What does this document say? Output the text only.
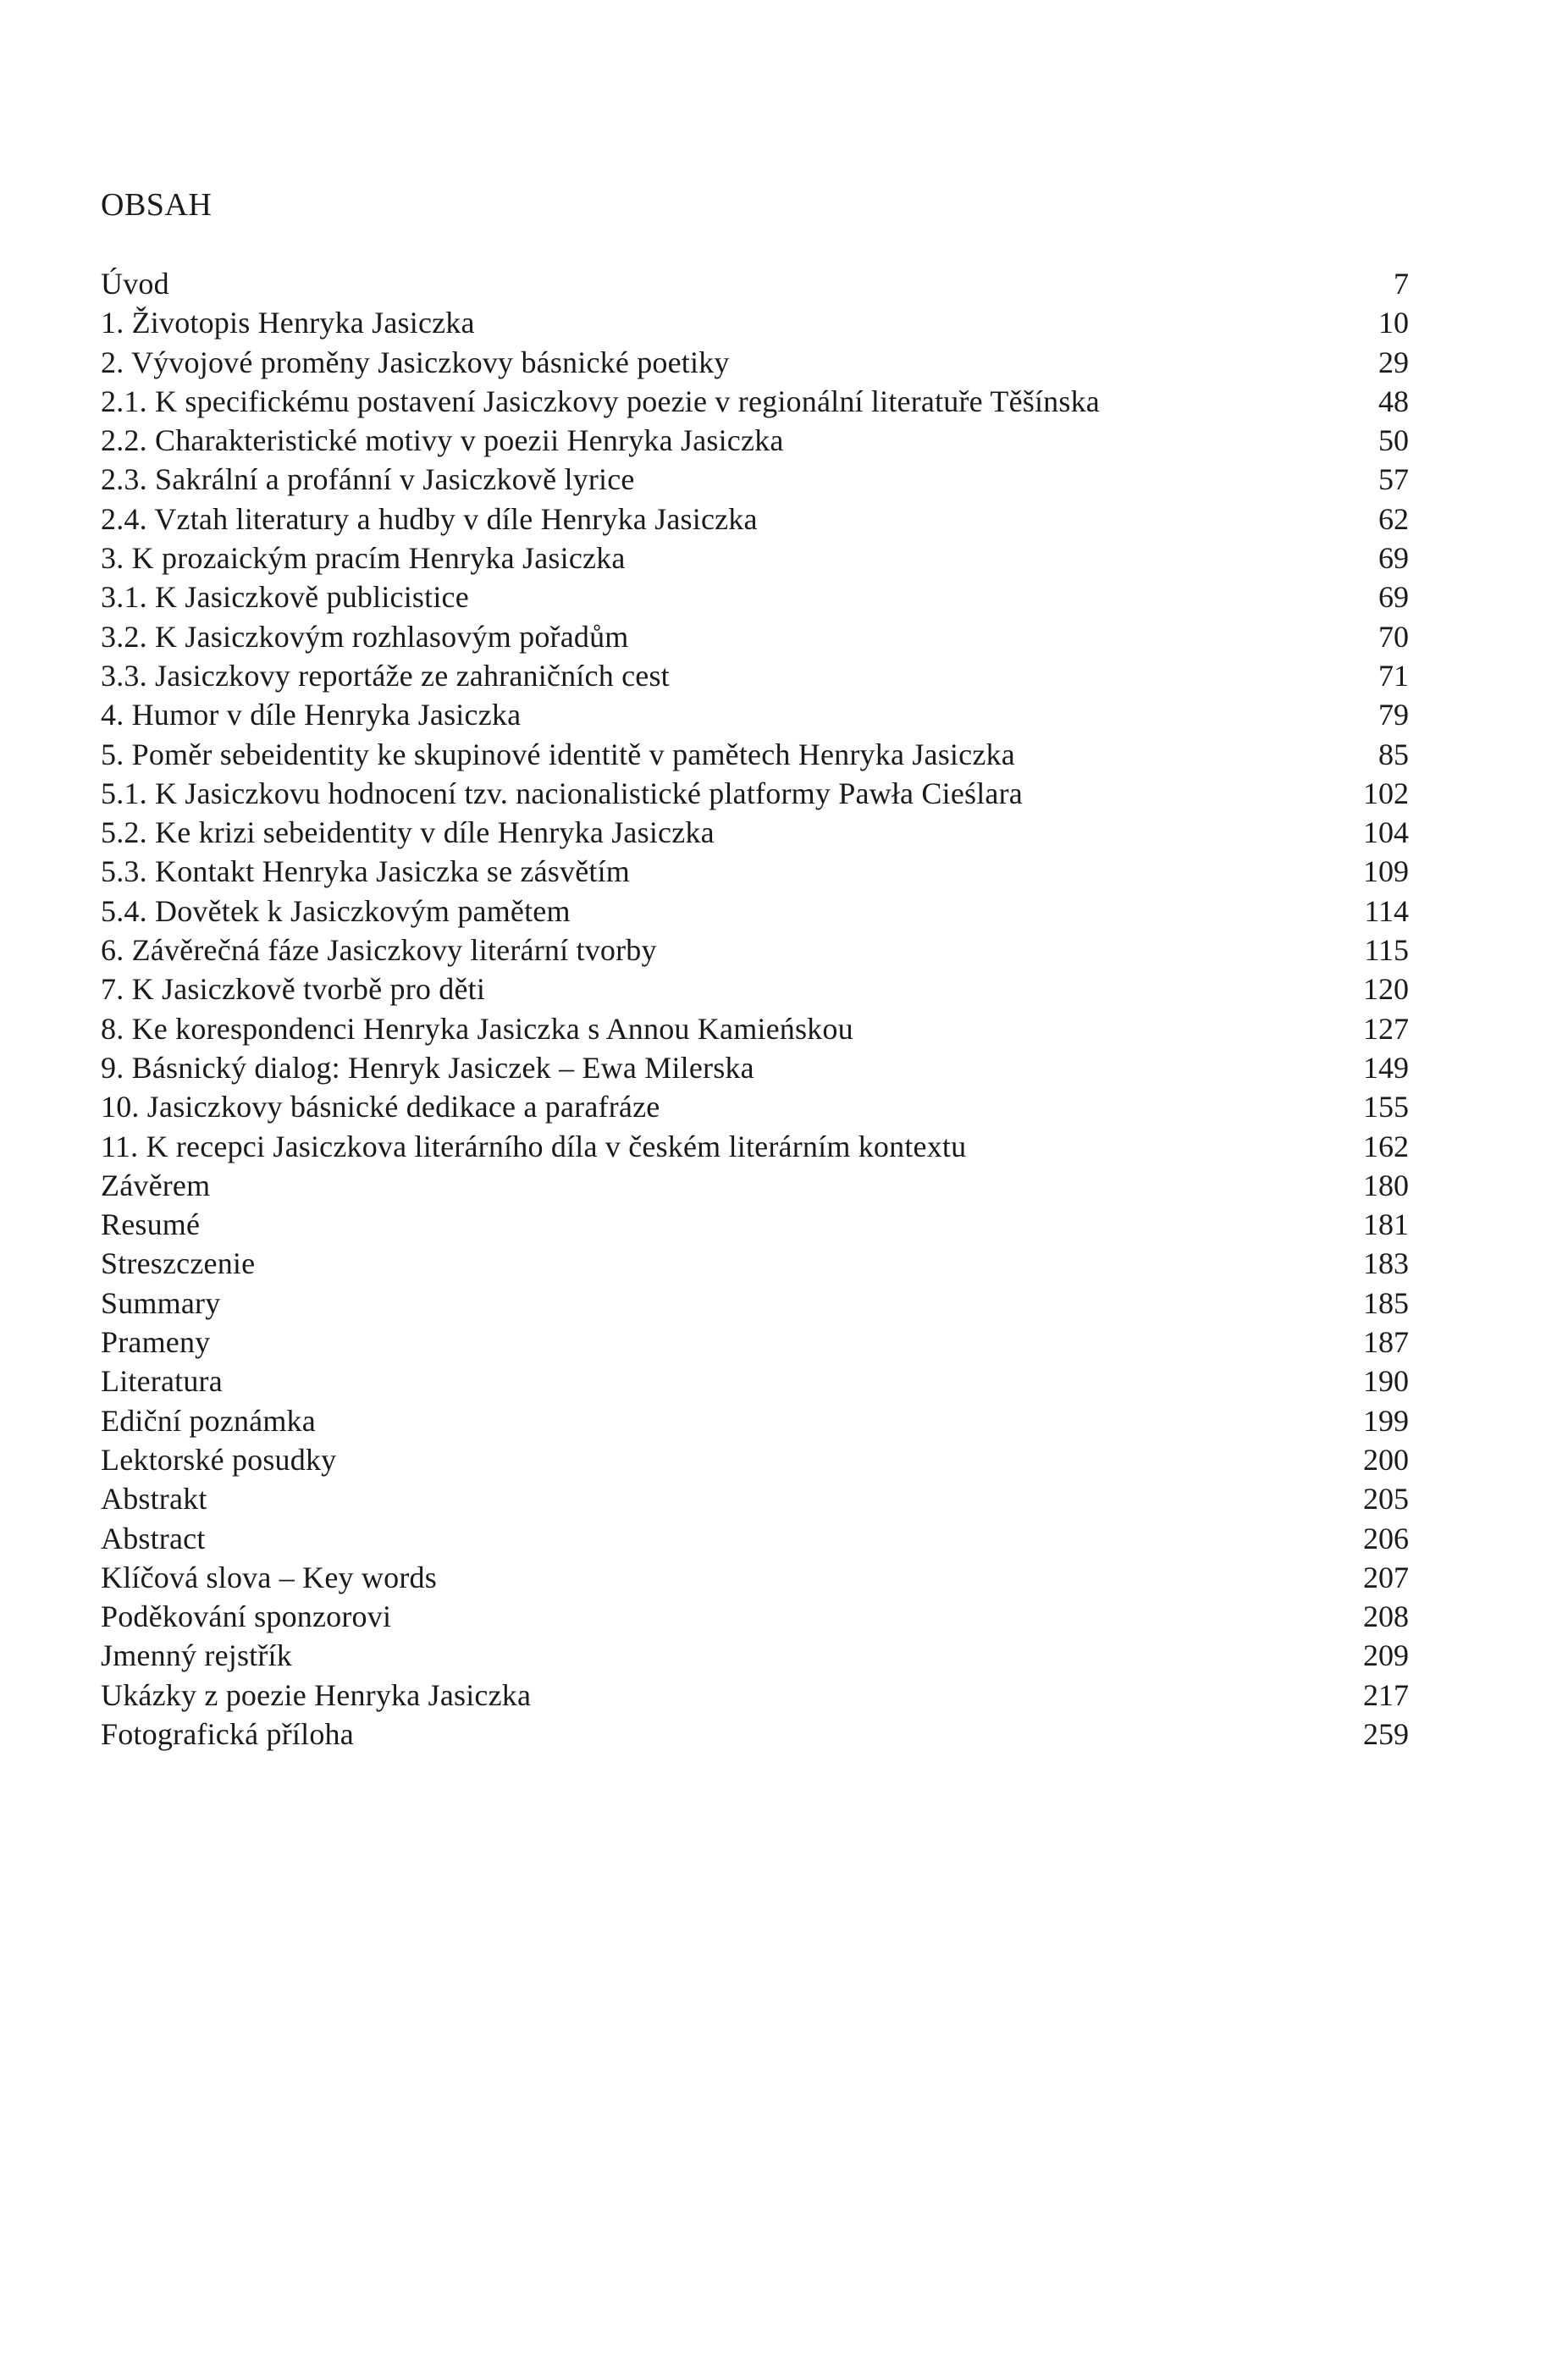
OBSAH
Úvod	7
1. Životopis Henryka Jasiczka	10
2. Vývojové proměny Jasiczkovy básnické poetiky	29
2.1. K specifickému postavení Jasiczkovy poezie v regionální literatuře Těšínska	48
2.2. Charakteristické motivy v poezii Henryka Jasiczka	50
2.3. Sakrální a profánní v Jasiczkově lyrice	57
2.4. Vztah literatury a hudby v díle Henryka Jasiczka	62
3. K prozaickým pracím Henryka Jasiczka	69
3.1. K Jasiczkově publicistice	69
3.2. K Jasiczkovým rozhlasovým pořadům	70
3.3. Jasiczkovy reportáže ze zahraničních cest	71
4. Humor v díle Henryka Jasiczka	79
5. Poměr sebeidentity ke skupinové identitě v pamětech Henryka Jasiczka	85
5.1. K Jasiczkovu hodnocení tzv. nacionalistické platformy Pawła Cieślara	102
5.2. Ke krizi sebeidentity v díle Henryka Jasiczka	104
5.3. Kontakt Henryka Jasiczka se zásvětím	109
5.4. Dovětek k Jasiczkovým pamětem	114
6. Závěrečná fáze Jasiczkovy literární tvorby	115
7. K Jasiczkově tvorbě pro děti	120
8. Ke korespondenci Henryka Jasiczka s Annou Kamieńskou	127
9. Básnický dialog: Henryk Jasiczek – Ewa Milerska	149
10. Jasiczkovy básnické dedikace a parafráze	155
11. K recepci Jasiczkova literárního díla v českém literárním kontextu	162
Závěrem	180
Resumé	181
Streszczenie	183
Summary	185
Prameny	187
Literatura	190
Ediční poznámka	199
Lektorské posudky	200
Abstrakt	205
Abstract	206
Klíčová slova – Key words	207
Poděkování sponzorovi	208
Jmenný rejstřík	209
Ukázky z poezie Henryka Jasiczka	217
Fotografická příloha	259
